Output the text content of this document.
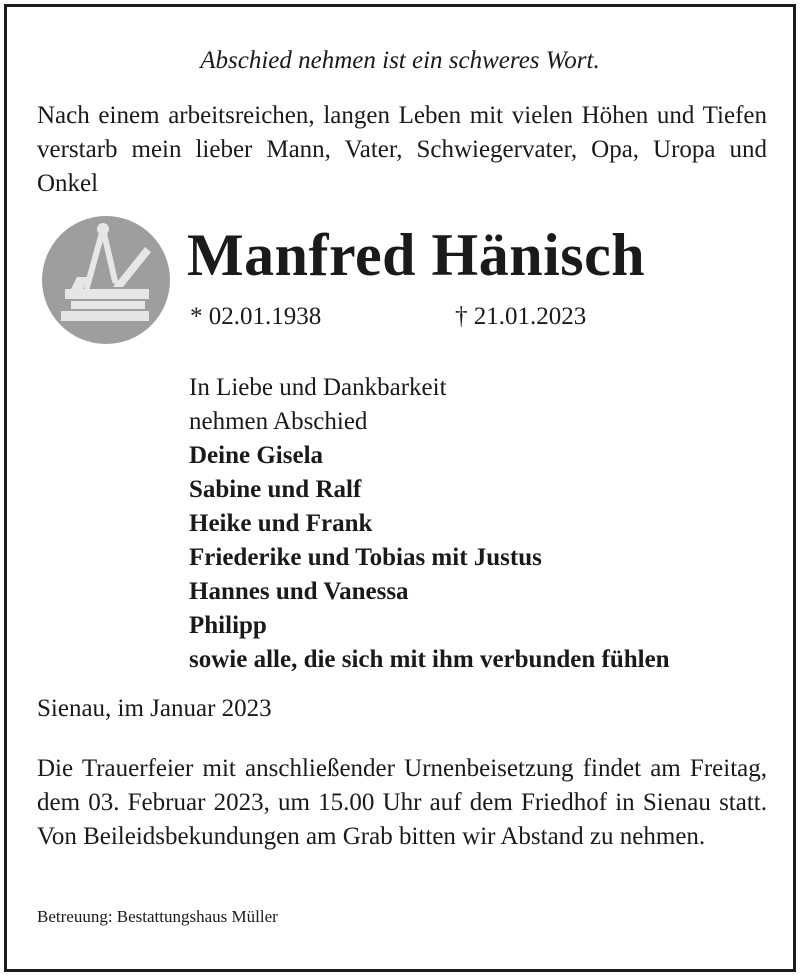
Abschied nehmen ist ein schweres Wort.
Nach einem arbeitsreichen, langen Leben mit vielen Höhen und Tiefen verstarb mein lieber Mann, Vater, Schwiegervater, Opa, Uropa und Onkel
Manfred Hänisch
* 02.01.1938	† 21.01.2023
In Liebe und Dankbarkeit
nehmen Abschied
Deine Gisela
Sabine und Ralf
Heike und Frank
Friederike und Tobias mit Justus
Hannes und Vanessa
Philipp
sowie alle, die sich mit ihm verbunden fühlen
Sienau, im Januar 2023
Die Trauerfeier mit anschließender Urnenbeisetzung findet am Freitag, dem 03. Februar 2023, um 15.00 Uhr auf dem Friedhof in Sienau statt. Von Beileidsbekundungen am Grab bitten wir Abstand zu nehmen.
Betreuung: Bestattungshaus Müller
